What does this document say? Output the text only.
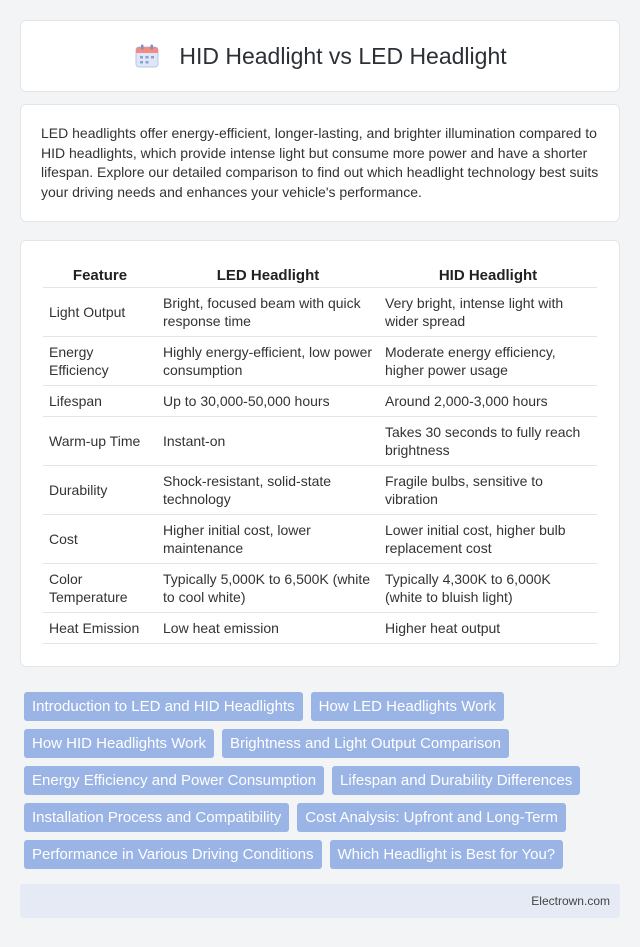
HID Headlight vs LED Headlight

LED headlights offer energy-efficient, longer-lasting, and brighter illumination compared to HID headlights, which provide intense light but consume more power and have a shorter lifespan. Explore our detailed comparison to find out which headlight technology best suits your driving needs and enhances your vehicle's performance.

Feature	LED Headlight	HID Headlight
Light Output	Bright, focused beam with quick response time	Very bright, intense light with wider spread
Energy Efficiency	Highly energy-efficient, low power consumption	Moderate energy efficiency, higher power usage
Lifespan	Up to 30,000-50,000 hours	Around 2,000-3,000 hours
Warm-up Time	Instant-on	Takes 30 seconds to fully reach brightness
Durability	Shock-resistant, solid-state technology	Fragile bulbs, sensitive to vibration
Cost	Higher initial cost, lower maintenance	Lower initial cost, higher bulb replacement cost
Color Temperature	Typically 5,000K to 6,500K (white to cool white)	Typically 4,300K to 6,000K (white to bluish light)
Heat Emission	Low heat emission	Higher heat output
Introduction to LED and HID Headlights	How LED Headlights Work
How HID Headlights Work	Brightness and Light Output Comparison
Energy Efficiency and Power Consumption	Lifespan and Durability Differences
Installation Process and Compatibility	Cost Analysis: Upfront and Long-Term
Performance in Various Driving Conditions	Which Headlight is Best for You?
Electrown.com
